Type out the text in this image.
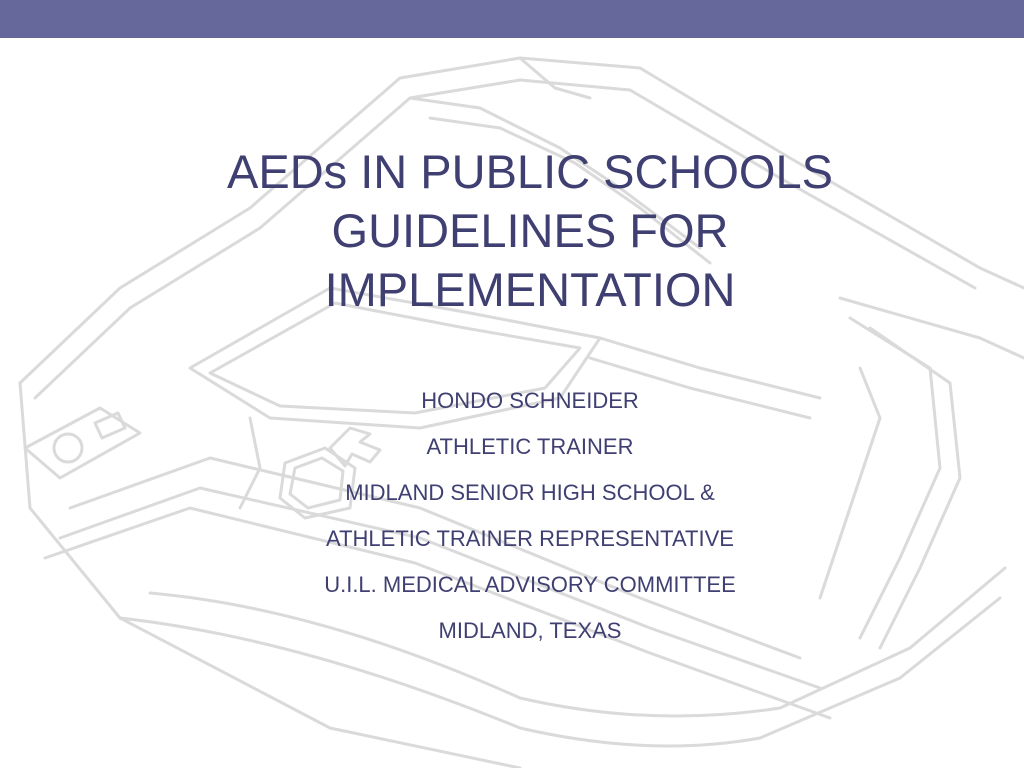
AEDs IN PUBLIC SCHOOLS
GUIDELINES FOR
IMPLEMENTATION
HONDO SCHNEIDER
ATHLETIC TRAINER
MIDLAND SENIOR HIGH SCHOOL &
ATHLETIC TRAINER REPRESENTATIVE
U.I.L. MEDICAL ADVISORY COMMITTEE
MIDLAND, TEXAS
